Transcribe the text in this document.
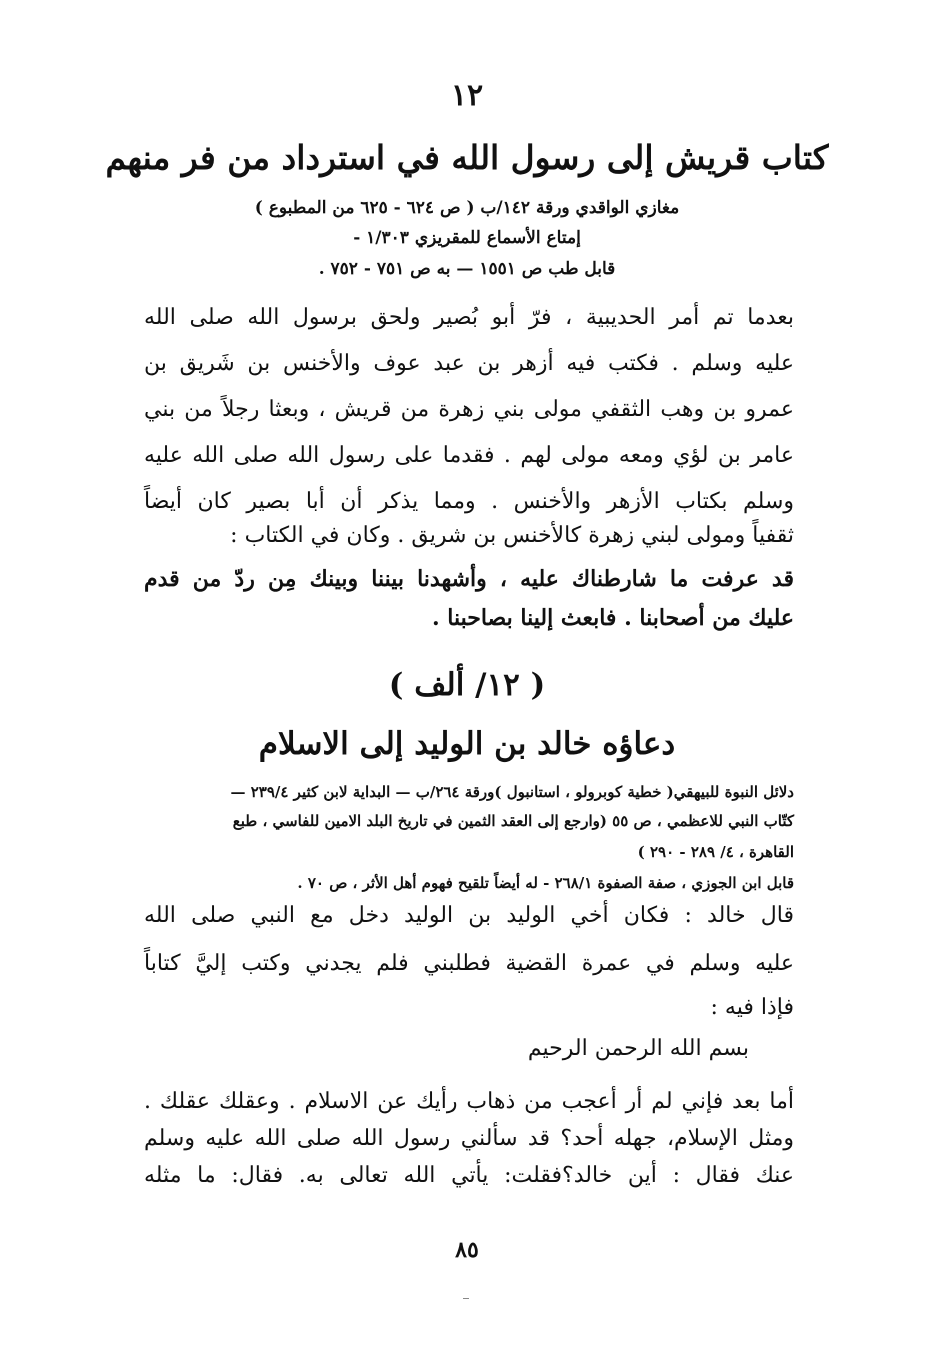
١٢
كتاب قريش إلى رسول الله في استرداد من فر منهم
مغازي الواقدي ورقة ١٤٢/ب ( ص ٦٢٤ - ٦٢٥ من المطبوع )
إمتاع الأسماع للمقريزي ١/٣٠٣ -
قابل طب ص ١٥٥١ — به ص ٧٥١ - ٧٥٢ .
بعدما تم أمر الحديبية ، فرّ أبو بُصير ولحق برسول الله صلى الله
عليه وسلم . فكتب فيه أزهر بن عبد عوف والأخنس بن شَريق بن
عمرو بن وهب الثقفي مولى بني زهرة من قريش ، وبعثا رجلاً من بني
عامر بن لؤي ومعه مولى لهم . فقدما على رسول الله صلى الله عليه
وسلم بكتاب الأزهر والأخنس . ومما يذكر أن أبا بصير كان أيضاً
ثقفياً ومولى لبني زهرة كالأخنس بن شريق . وكان في الكتاب :
قد عرفت ما شارطناك عليه ، وأشهدنا بيننا وبينك مِن ردّ من قدم
عليك من أصحابنا . فابعث إلينا بصاحبنا .
( ١٢/ ألف )
دعاؤه خالد بن الوليد إلى الاسلام
دلائل النبوة للبيهقي( خطية كوبرولو ، استانبول )ورقة ٢٦٤/ب — البداية لابن كثير ٢٣٩/٤ —
كتّاب النبي للاعظمي ، ص ٥٥ (وارجع إلى العقد الثمين في تاريخ البلد الامين للفاسي ، طبع
القاهرة ، ٤/ ٢٨٩ - ٢٩٠ )
قابل ابن الجوزي ، صفة الصفوة ٢٦٨/١ - له أيضاً تلقيح فهوم أهل الأثر ، ص ٧٠ .
قال خالد : فكان أخي الوليد بن الوليد دخل مع النبي صلى الله
عليه وسلم في عمرة القضية فطلبني فلم يجدني وكتب إليَّ كتاباً
فإذا فيه :
بسم الله الرحمن الرحيم
أما بعد فإني لم أر أعجب من ذهاب رأيك عن الاسلام . وعقلك عقلك .
ومثل الإسلام، جهله أحد؟ قد سألني رسول الله صلى الله عليه وسلم
عنك فقال : أين خالد؟فقلت: يأتي الله تعالى به. فقال: ما مثله
٨٥
